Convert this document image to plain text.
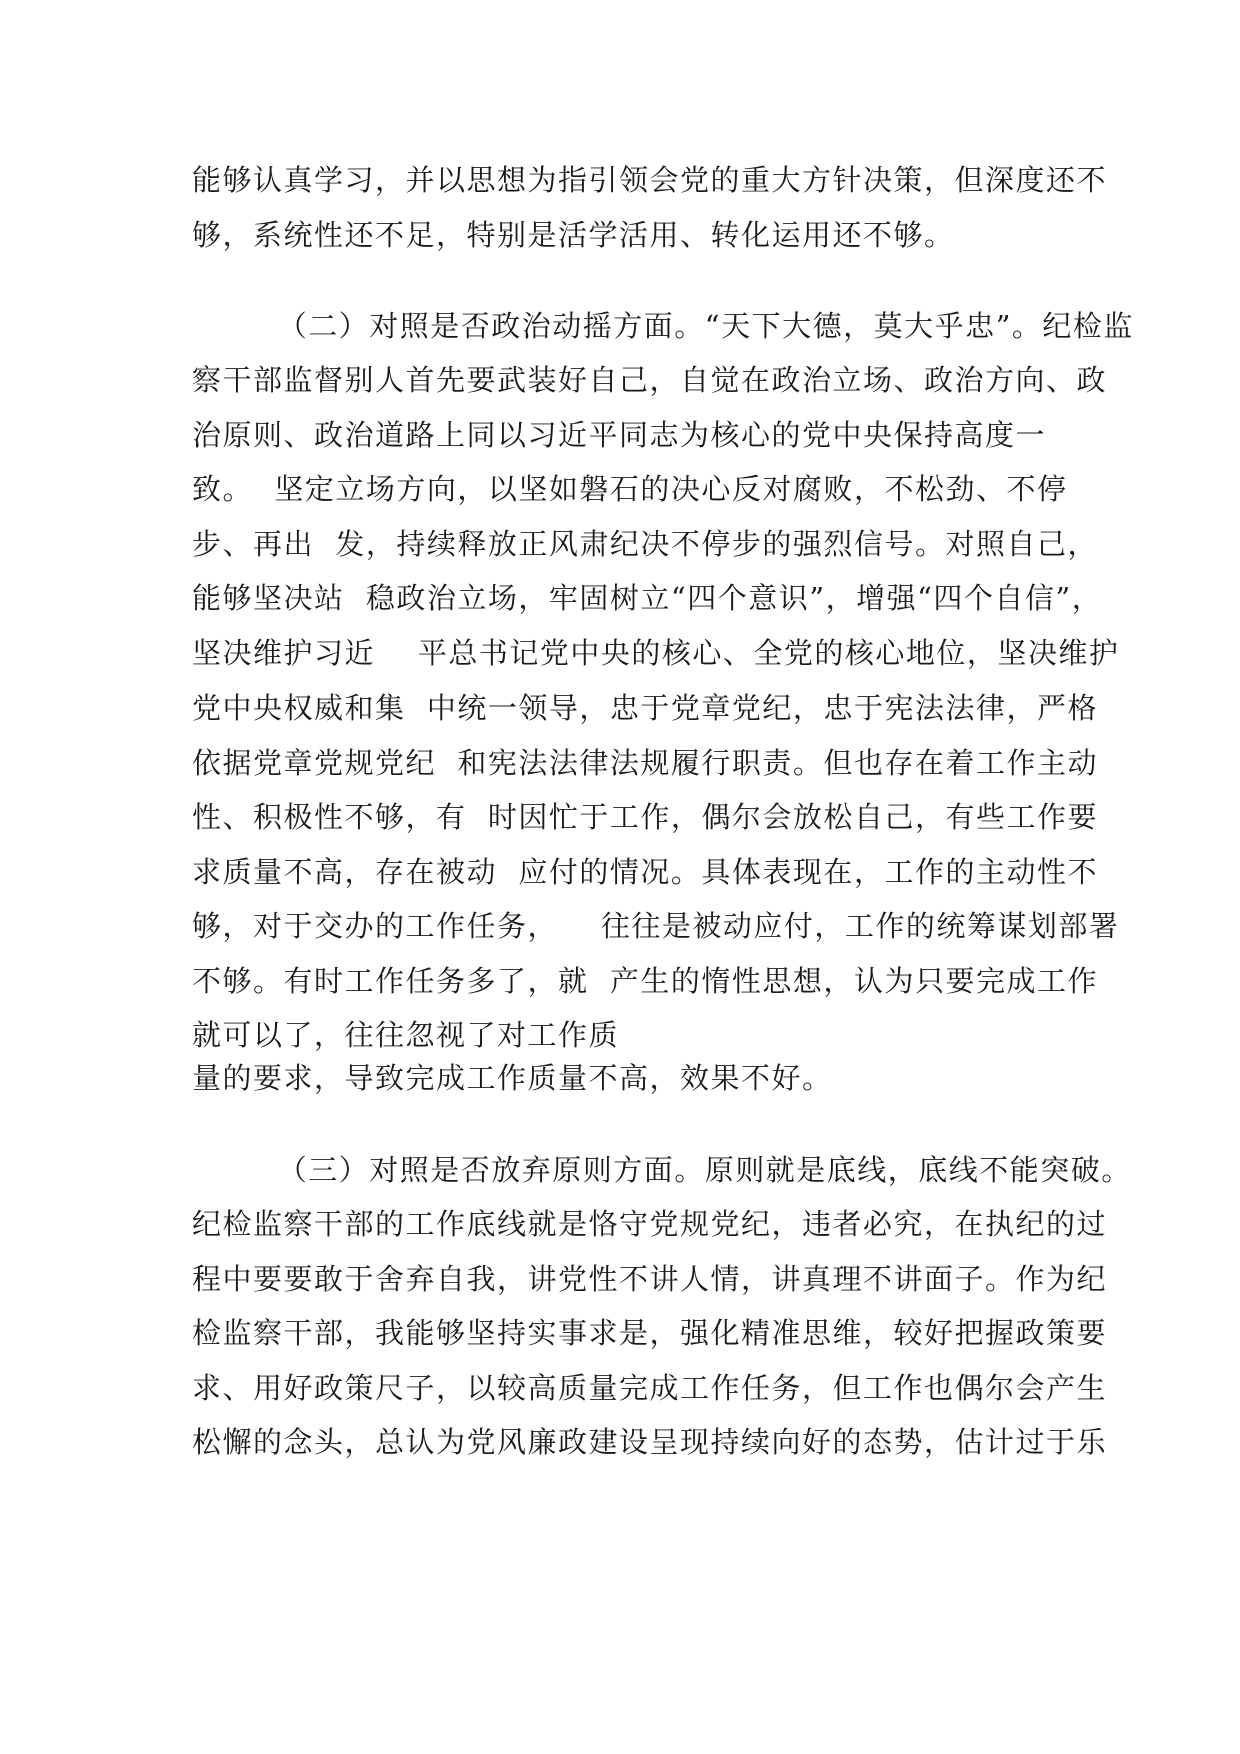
能够认真学习，并以思想为指引领会党的重大方针决策，但深度还不
够，系统性还不足，特别是活学活用、转化运用还不够。
（二）对照是否政治动摇方面。“天下大德，莫大乎忠”。纪检监
察干部监督别人首先要武装好自己，自觉在政治立场、政治方向、政
治原则、政治道路上同以习近平同志为核心的党中央保持高度一
致。  坚定立场方向，以坚如磐石的决心反对腐败，不松劲、不停
步、再出  发，持续释放正风肃纪决不停步的强烈信号。对照自己，
能够坚决站  稳政治立场，牢固树立“四个意识”，增强“四个自信”，
坚决维护习近    平总书记党中央的核心、全党的核心地位，坚决维护
党中央权威和集  中统一领导，忠于党章党纪，忠于宪法法律，严格
依据党章党规党纪  和宪法法律法规履行职责。但也存在着工作主动
性、积极性不够，有  时因忙于工作，偶尔会放松自己，有些工作要
求质量不高，存在被动  应付的情况。具体表现在，工作的主动性不
够，对于交办的工作任务，    往往是被动应付，工作的统筹谋划部署
不够。有时工作任务多了，就  产生的惰性思想，认为只要完成工作
就可以了，往往忽视了对工作质
量的要求，导致完成工作质量不高，效果不好。
（三）对照是否放弃原则方面。原则就是底线，底线不能突破。
纪检监察干部的工作底线就是恪守党规党纪，违者必究，在执纪的过
程中要要敢于舍弃自我，讲党性不讲人情，讲真理不讲面子。作为纪
检监察干部，我能够坚持实事求是，强化精准思维，较好把握政策要
求、用好政策尺子，以较高质量完成工作任务，但工作也偶尔会产生
松懈的念头，总认为党风廉政建设呈现持续向好的态势，估计过于乐
